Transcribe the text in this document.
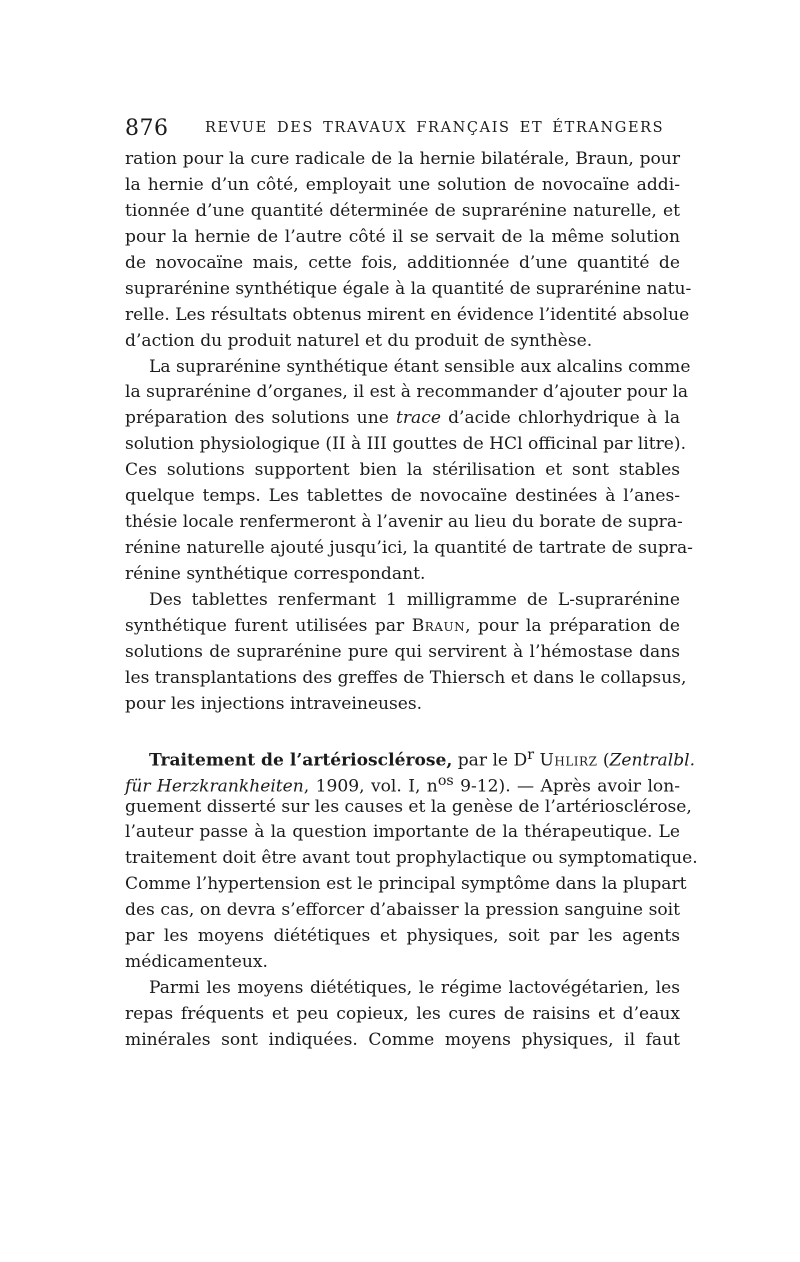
876	REVUE DES TRAVAUX FRANÇAIS ET ÉTRANGERS
ration pour la cure radicale de la hernie bilatérale, Braun, pour
la hernie d’un côté, employait une solution de novocaïne addi-
tionnée d’une quantité déterminée de suprarénine naturelle, et
pour la hernie de l’autre côté il se servait de la même solution
de novocaïne mais, cette fois, additionnée d’une quantité de
suprarénine synthétique égale à la quantité de suprarénine natu-
relle. Les résultats obtenus mirent en évidence l’identité absolue
d’action du produit naturel et du produit de synthèse.
La suprarénine synthétique étant sensible aux alcalins comme
la suprarénine d’organes, il est à recommander d’ajouter pour la
préparation des solutions une trace d’acide chlorhydrique à la
solution physiologique (II à III gouttes de HCl officinal par litre).
Ces solutions supportent bien la stérilisation et sont stables
quelque temps. Les tablettes de novocaïne destinées à l’anes-
thésie locale renfermeront à l’avenir au lieu du borate de supra-
rénine naturelle ajouté jusqu’ici, la quantité de tartrate de supra-
rénine synthétique correspondant.
Des tablettes renfermant 1 milligramme de L-suprarénine
synthétique furent utilisées par Braun, pour la préparation de
solutions de suprarénine pure qui servirent à l’hémostase dans
les transplantations des greffes de Thiersch et dans le collapsus,
pour les injections intraveineuses.
Traitement de l’artériosclérose, par le $D^r$ Uhlirz (Zentralbl.
für Herzkrankheiten, 1909, vol. I, $n^{os}$ 9-12). — Après avoir lon-
guement disserté sur les causes et la genèse de l’artériosclérose,
l’auteur passe à la question importante de la thérapeutique. Le
traitement doit être avant tout prophylactique ou symptomatique.
Comme l’hypertension est le principal symptôme dans la plupart
des cas, on devra s’efforcer d’abaisser la pression sanguine soit
par les moyens diététiques et physiques, soit par les agents
médicamenteux.
Parmi les moyens diététiques, le régime lactovégétarien, les
repas fréquents et peu copieux, les cures de raisins et d’eaux
minérales sont indiquées. Comme moyens physiques, il faut
